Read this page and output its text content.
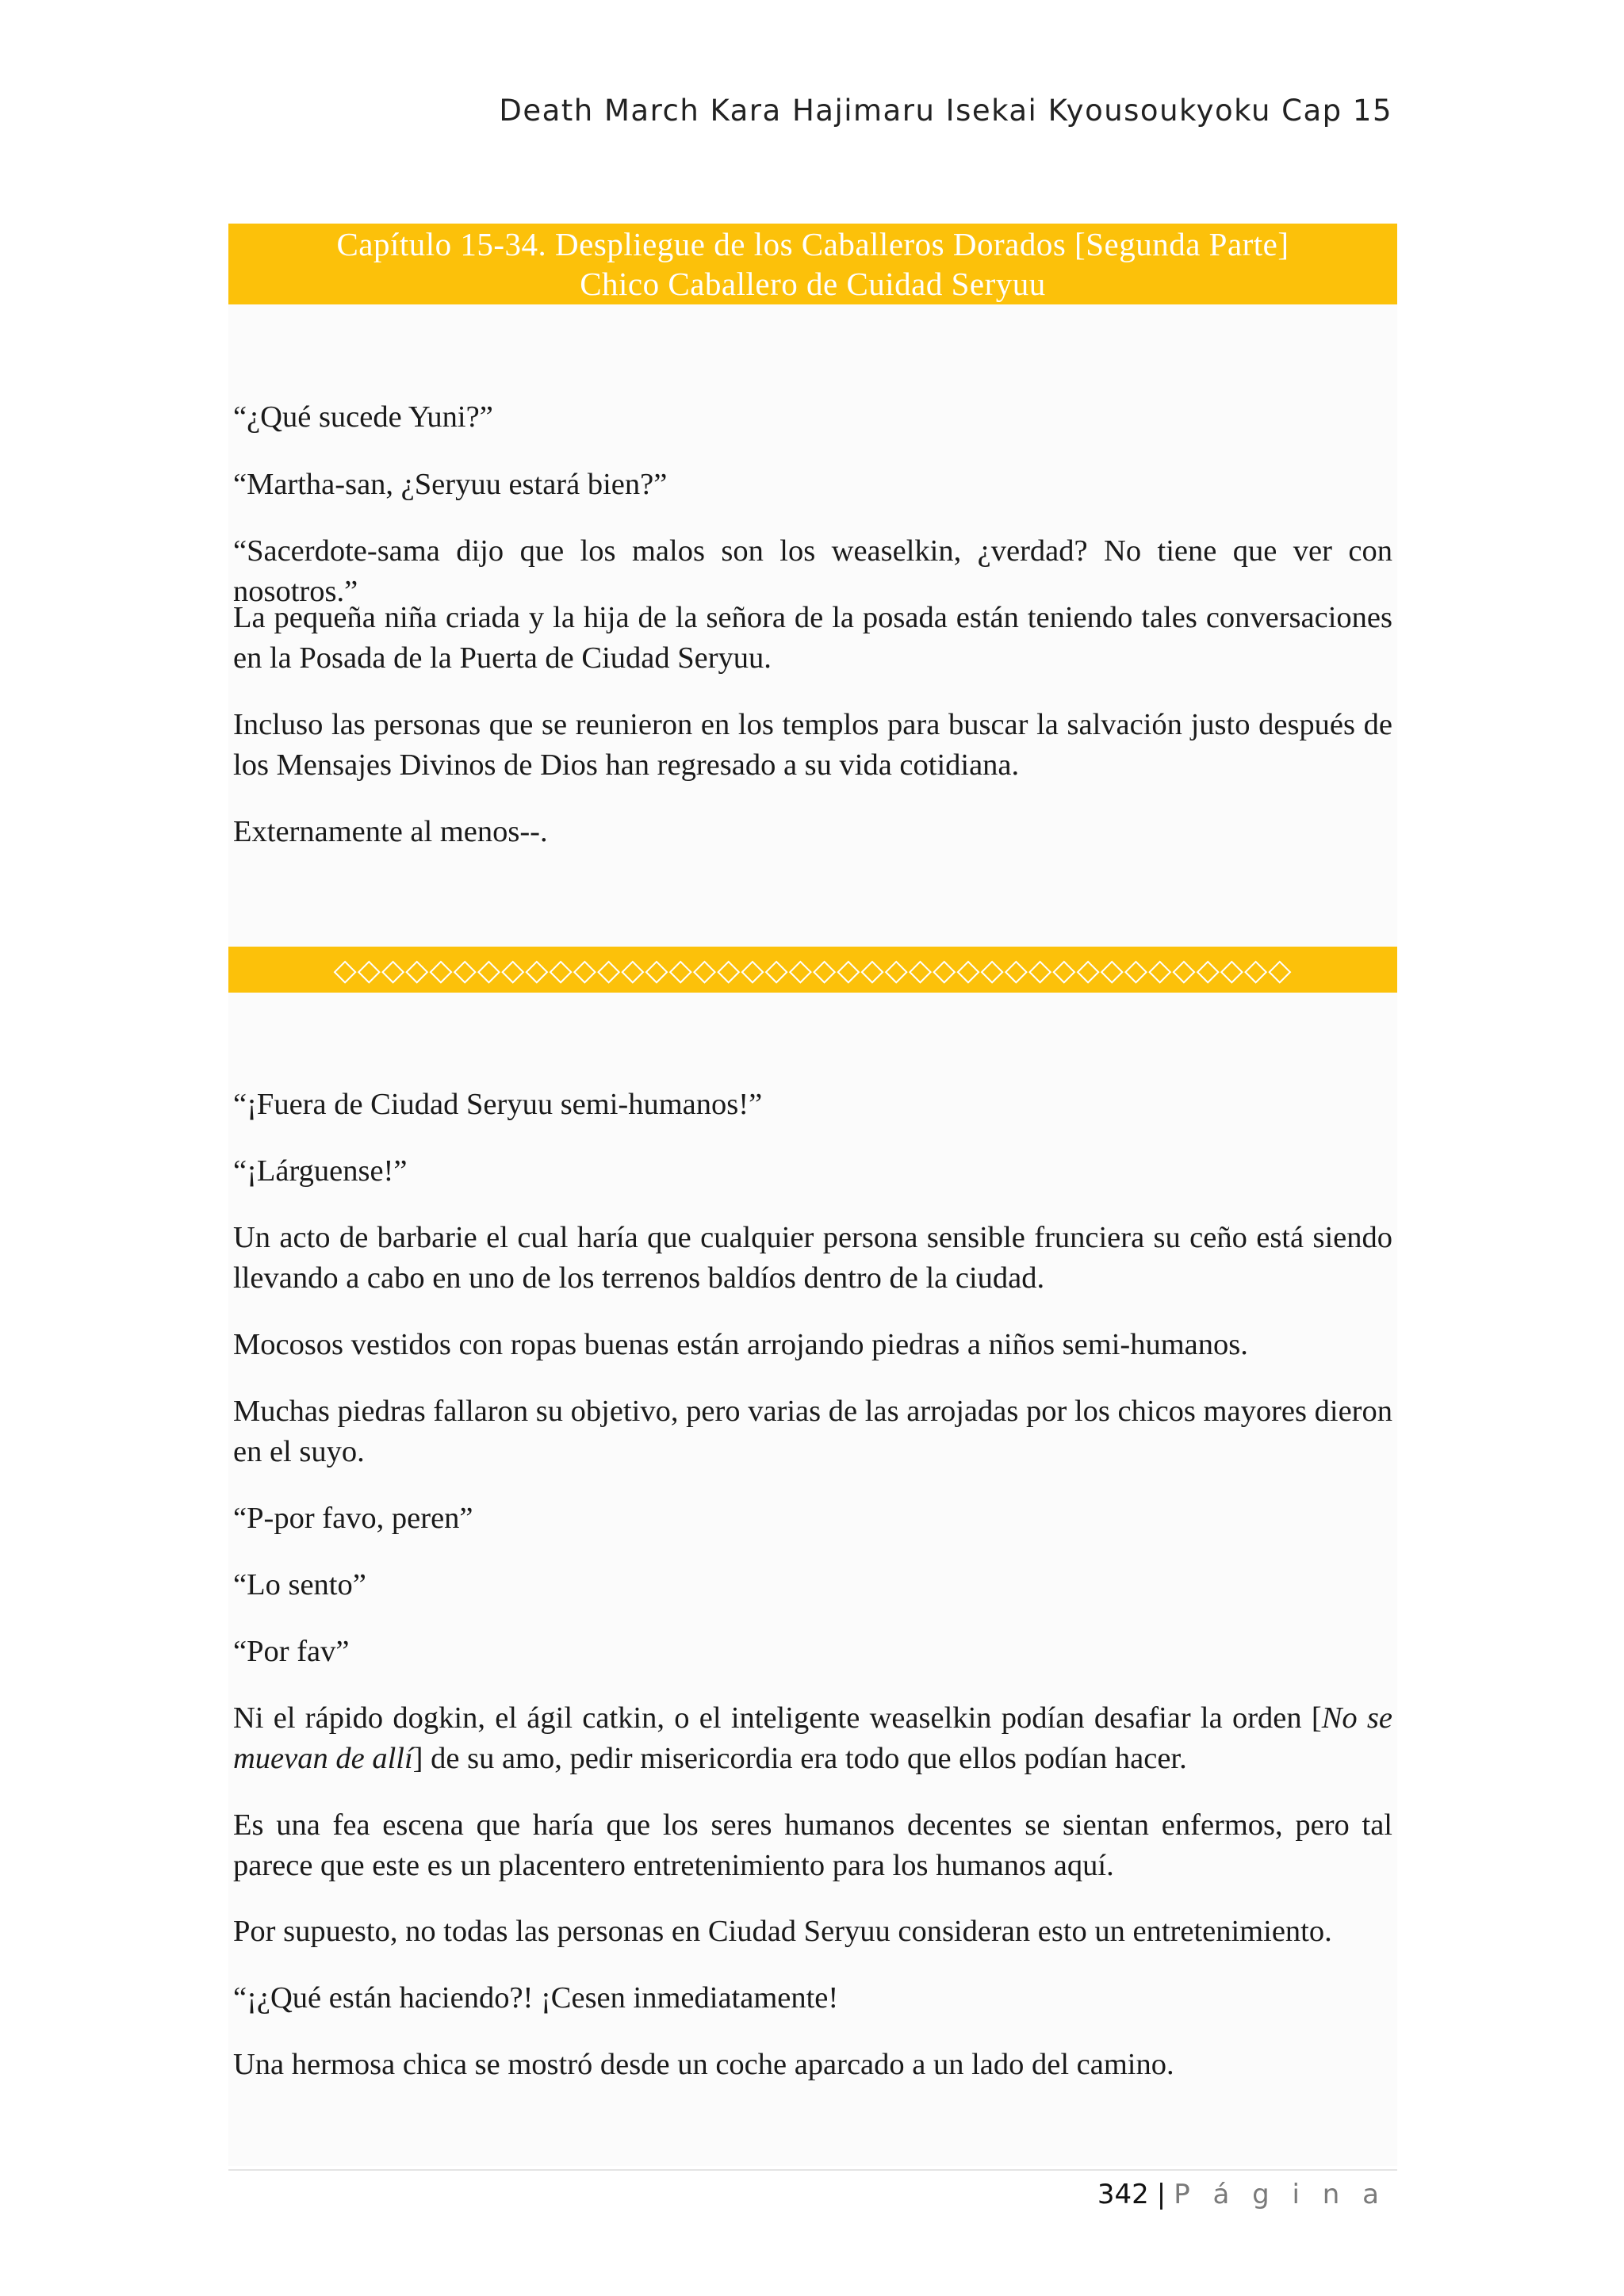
Death March Kara Hajimaru Isekai Kyousoukyoku Cap 15
Capítulo 15-34. Despliegue de los Caballeros Dorados [Segunda Parte]
Chico Caballero de Cuidad Seryuu

“¿Qué sucede Yuni?”

“Martha-san, ¿Seryuu estará bien?”

“Sacerdote-sama dijo que los malos son los weaselkin, ¿verdad? No tiene que ver con nosotros.”

La pequeña niña criada y la hija de la señora de la posada están teniendo tales conversaciones en la Posada de la Puerta de Ciudad Seryuu.

Incluso las personas que se reunieron en los templos para buscar la salvación justo después de los Mensajes Divinos de Dios han regresado a su vida cotidiana.

Externamente al menos--.

◇◇◇◇◇◇◇◇◇◇◇◇◇◇◇◇◇◇◇◇◇◇◇◇◇◇◇◇◇◇◇◇◇◇◇◇◇◇◇◇

“¡Fuera de Ciudad Seryuu semi-humanos!”

“¡Lárguense!”

Un acto de barbarie el cual haría que cualquier persona sensible frunciera su ceño está siendo llevando a cabo en uno de los terrenos baldíos dentro de la ciudad.

Mocosos vestidos con ropas buenas están arrojando piedras a niños semi-humanos.

Muchas piedras fallaron su objetivo, pero varias de las arrojadas por los chicos mayores dieron en el suyo.

“P-por favo, peren”

“Lo sento”

“Por fav”

Ni el rápido dogkin, el ágil catkin, o el inteligente weaselkin podían desafiar la orden [No se muevan de allí] de su amo, pedir misericordia era todo que ellos podían hacer.

Es una fea escena que haría que los seres humanos decentes se sientan enfermos, pero tal parece que este es un placentero entretenimiento para los humanos aquí.

Por supuesto, no todas las personas en Ciudad Seryuu consideran esto un entretenimiento.

“¡¿Qué están haciendo?! ¡Cesen inmediatamente!

Una hermosa chica se mostró desde un coche aparcado a un lado del camino.

342 | P á g i n a
